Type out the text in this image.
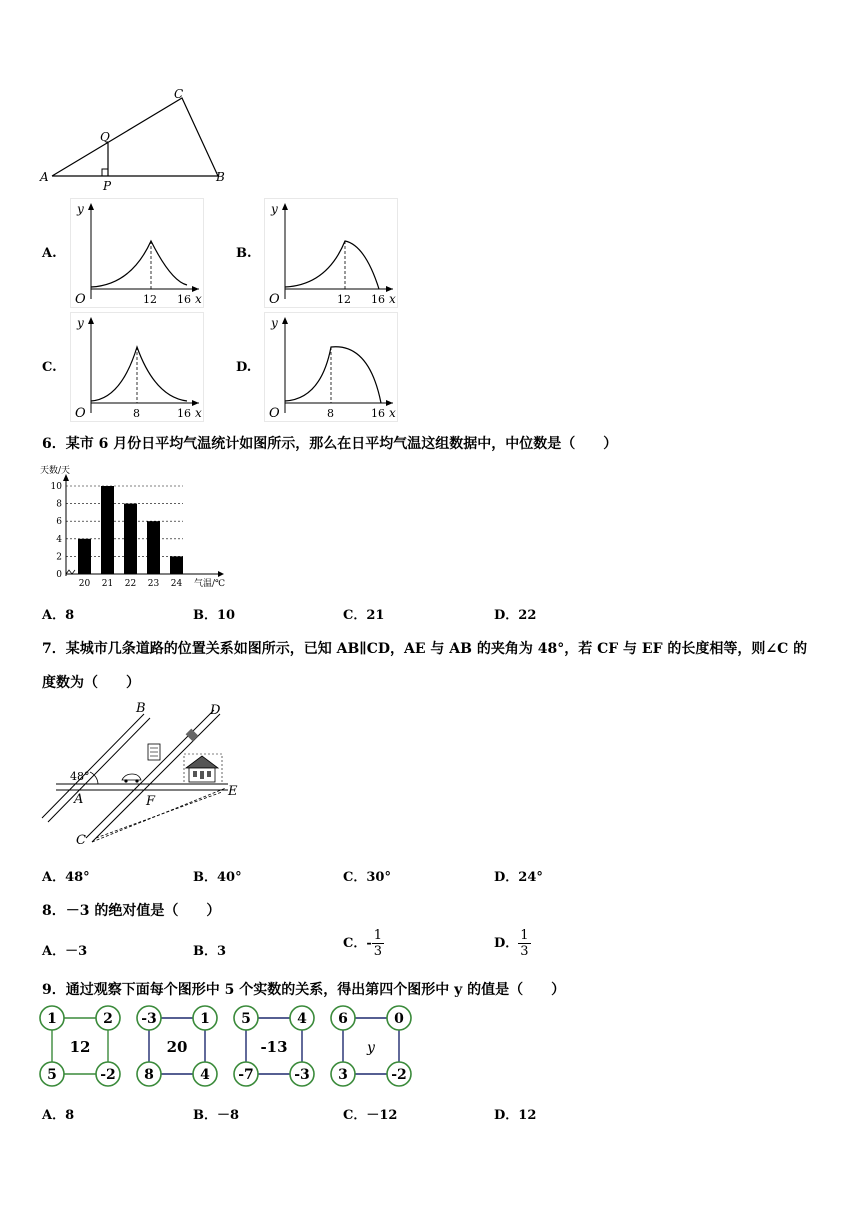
C
Q
A
P
B
A.
y
O	12 16 x
B.
y
O	12 16 x
C.
y
O	8	16 x
D.
y
O	8	16 x
6．某市 6 月份日平均气温统计如图所示，那么在日平均气温这组数据中，中位数是（　　）
天数/天
气温/℃
0
2
4
6
8
10
20 21 22 23 24
A．8	B．10	C．21	D．22
7．某城市几条道路的位置关系如图所示，已知 AB∥CD，AE 与 AB 的夹角为 48°，若 CF 与 EF 的长度相等，则∠C 的
度数为（　　）
B	D
48°
A	F
E
C
A．48°	B．40°	C．30°	D．24°
8．－3 的绝对值是（　　）
A．－3	B．3
C．- $\frac{1}{3}$	D． $\frac{1}{3}$
9．通过观察下面每个图形中 5 个实数的关系，得出第四个图形中 y 的值是（　　）
1	2
-2
5
12
-3	1
4
8
20
5	4
-3
-7
-13
6	0
-2
3
y
A．8	B．－8	C．－12	D．12
